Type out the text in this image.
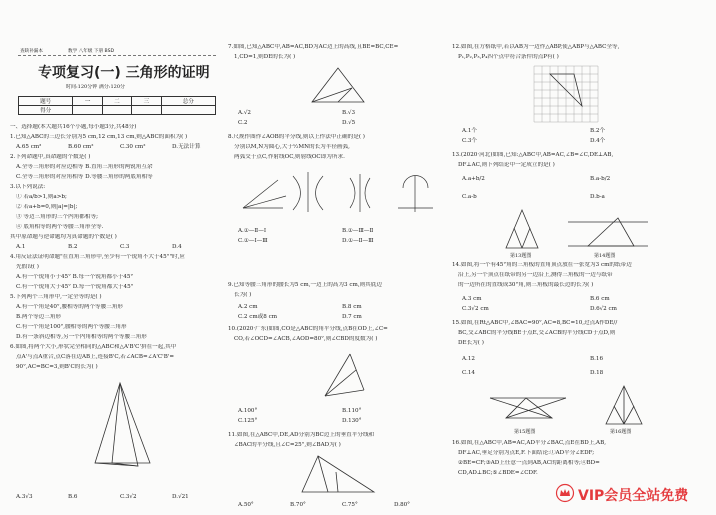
查缺补漏本	数学 八年级 下册 BSD
专项复习(一) 三角形的证明
时间:120分钟 满分:120分
题号	一	二	三	总分
得分				
一、选择题(本大题共16个小题,每小题3分,共48分)
1.已知△ABC的三边长分别为5 cm,12 cm,13 cm,则△ABC的面积为( )
A.65 cm²	B.60 cm²	C.30 cm²	D.无法计算
2.下列命题中,真命题的个数是( )
A.全等三角形的对应边相等 B.直角三角形的两锐角互余
C.全等三角形的对应角相等 D.等腰三角形的两底角相等
3.以下列说法:
① 若a/b>1,则a>b;
② 若a+b=0,则|a|=|b|;
③ 等边三角形的三个内角都相等;
④ 底角相等的两个等腰三角形全等.
其中原命题与逆命题均为真命题的个数是( )
A.1	B.2	C.3	D.4
4.用反证法证明命题"在直角三角形中,至少有一个锐角不大于45°"时,应
先假设( )
A.有一个锐角小于45° B.每一个锐角都小于45°
C.有一个锐角大于45° D.每一个锐角都大于45°
5.下列两个三角形中,一定全等的是( )
A.有一个角是40°,腰相等的两个等腰三角形
B.两个等边三角形
C.有一个角是100°,腰相等的两个等腰三角形
D.有一条斜边相等,另一个内角相等的两个等腰三角形
6.如图,将两个大小,形状完全相同的△ABC和△A'B'C'拼在一起,其中
点A'与点A重合,点C落在边AB上,连接B'C,若∠ACB=∠A'C'B'=
90°,AC=BC=3,则B'C的长为( )
A.3√3	B.6	C.3√2	D.√21
7.如图,已知△ABC中,AB=AC,BD为AC边上的高线,且BE=BC,CE=
1,CD=1,则DE的长为( )
A.√2	B.√3
C.2	D.√5
8.尺规作图作∠AOB的平分线,则以上作法中正确的是( )
分别以M,N为圆心,大于½MN的长为半径画弧,
两弧交于点C,作射线OC,则射线OC即为所求.
A.①—Ⅱ—Ⅰ	B.①—Ⅲ—Ⅱ
C.①—Ⅰ—Ⅲ	D.①—Ⅱ—Ⅲ
9.已知等腰三角形的腰长为5 cm,一边上的高为3 cm,则其底边
长为( )
A.2 cm	B.8 cm
C.2 cm或8 cm	D.7 cm
10.(2020·广东)如图,CO是△ABC的角平分线,点B在OD上,∠C=
CO,若∠OCD=∠ACB,∠AOD=80°,则∠CBD的度数为( )
A.100°	B.110°
C.125°	D.130°
11.如图,在△ABC中,DE,AD分别为BC边上的垂直平分线和
∠BAC的平分线,且∠C=25°,则∠BAD为( )
A.50°	B.70°	C.75°	D.80°
12.如图,在方格纸中,若以AB为一边作△ABP,使△ABP与△ABC全等,
P₁,P₂,P₃,P₄四个点中符合条件的点P有( )
A.1个	B.2个
C.3个	D.4个
13.(2020·河北)如图,已知:△ABC中,AB=AC,∠B=∠C,DE⊥AB,
DF⊥AC,则下列结论中一定成立的是( )
A.a+b/2	B.a-b/2
C.a-b	D.b-a
第13题图	第14题图
14.如图,将一个有45°角的三角板的直角顶点放在一张宽为3 cm的纸带边
沿上,另一个顶点在纸带的另一边沿上,测得三角板的一边与纸带
的一边所在的直线成30°角,则三角板的最长边的长为( )
A.3 cm	B.6 cm
C.3√2 cm	D.6√2 cm
15.如图,在Rt△ABC中,∠BAC=90°,AC=8,BC=10,过点A作DE//
BC,交∠ABC的平分线BE于点E,交∠ACB的平分线CD于点D,则
DE长为( )
A.12	B.16
C.14	D.18
第15题图	第16题图
16.如图,在△ABC中,AB=AC,AD平分∠BAC,点E在BD上,AB,
DF⊥AC,垂足分别为点E,F.下面结论:①AD平分∠EDF;
②BE=CF;③AD上任意一点到AB,AC的距离相等;④BD=
CD,AD⊥BC;⑤∠BDE=∠CDF.
VIP会员全站免费
